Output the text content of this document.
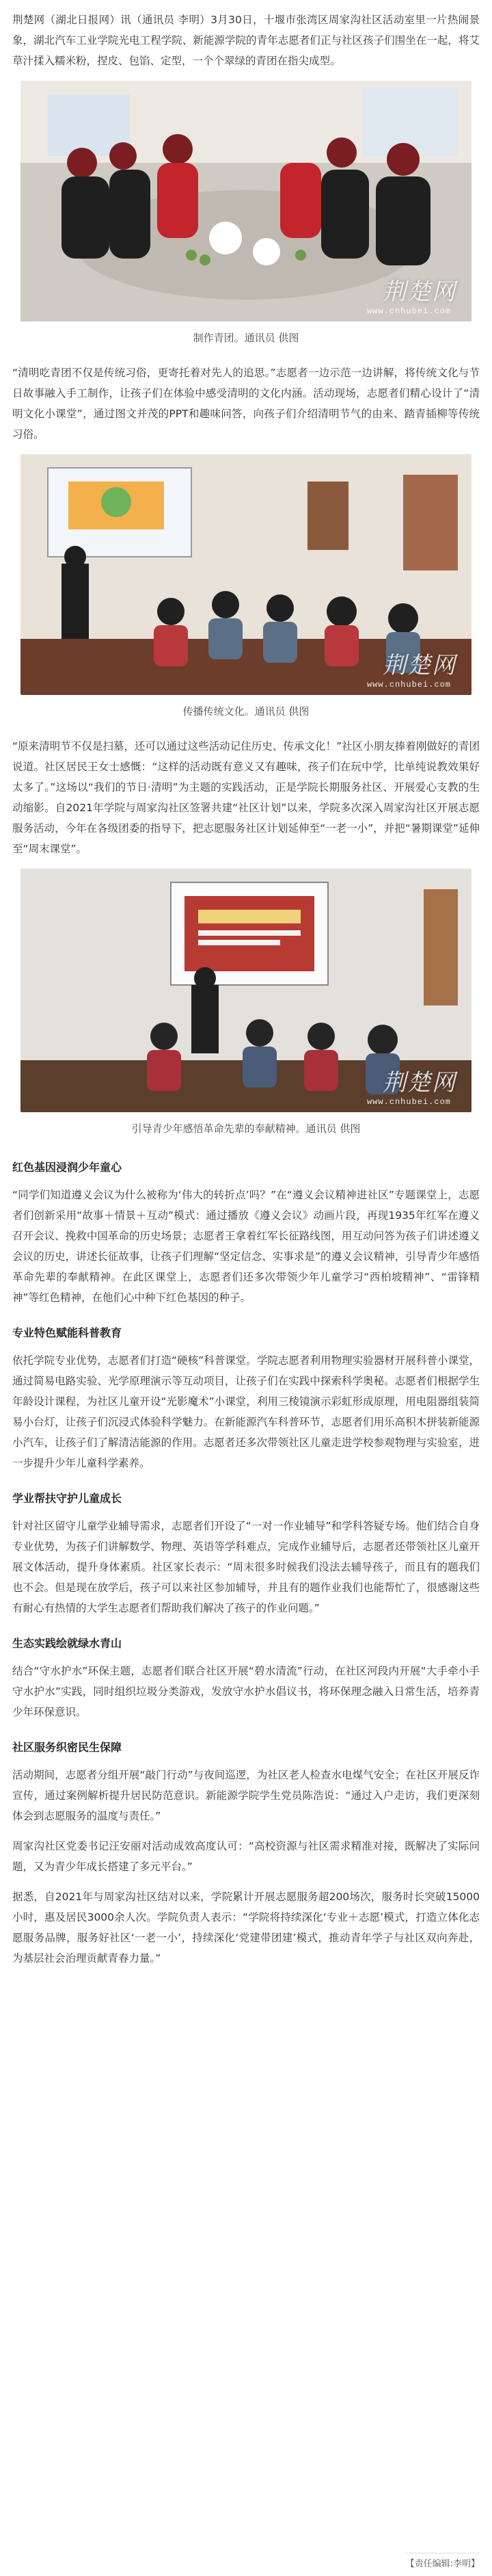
荆楚网（湖北日报网）讯（通讯员 李明）3月30日，十堰市张湾区周家沟社区活动室里一片热闹景象，湖北汽车工业学院光电工程学院、新能源学院的青年志愿者们正与社区孩子们围坐在一起，将艾草汁揉入糯米粉，捏皮、包馅、定型，一个个翠绿的青团在指尖成型。

荆楚网
www.cnhubei.com

制作青团。通讯员 供图

“清明吃青团不仅是传统习俗，更寄托着对先人的追思。”志愿者一边示范一边讲解，将传统文化与节日故事融入手工制作，让孩子们在体验中感受清明的文化内涵。活动现场，志愿者们精心设计了“清明文化小课堂”，通过图文并茂的PPT和趣味问答，向孩子们介绍清明节气的由来、踏青插柳等传统习俗。

荆楚网
www.cnhubei.com

传播传统文化。通讯员 供图

“原来清明节不仅是扫墓，还可以通过这些活动记住历史、传承文化！”社区小朋友捧着刚做好的青团说道。社区居民王女士感慨：“这样的活动既有意义又有趣味，孩子们在玩中学，比单纯说教效果好太多了。”这场以“我们的节日·清明”为主题的实践活动，正是学院长期服务社区、开展爱心支教的生动缩影。自2021年学院与周家沟社区签署共建“社区计划”以来，学院多次深入周家沟社区开展志愿服务活动，今年在各级团委的指导下，把志愿服务社区计划延伸至“一老一小”，并把“暑期课堂”延伸至“周末课堂”。

荆楚网
www.cnhubei.com

引导青少年感悟革命先辈的奉献精神。通讯员 供图

红色基因浸润少年童心

“同学们知道遵义会议为什么被称为‘伟大的转折点’吗？”在“遵义会议精神进社区”专题课堂上，志愿者们创新采用“故事＋情景＋互动”模式：通过播放《遵义会议》动画片段，再现1935年红军在遵义召开会议、挽救中国革命的历史场景；志愿者王拿着红军长征路线图，用互动问答为孩子们讲述遵义会议的历史，讲述长征故事，让孩子们理解“坚定信念、实事求是”的遵义会议精神，引导青少年感悟革命先辈的奉献精神。在此区课堂上，志愿者们还多次带领少年儿童学习“西柏坡精神”、“雷锋精神”等红色精神，在他们心中种下红色基因的种子。

专业特色赋能科普教育

依托学院专业优势，志愿者们打造“硬核”科普课堂。学院志愿者利用物理实验器材开展科普小课堂，通过简易电路实验、光学原理演示等互动项目，让孩子们在实践中探索科学奥秘。志愿者们根据学生年龄设计课程，为社区儿童开设“光影魔术”小课堂，利用三棱镜演示彩虹形成原理，用电阻器组装简易小台灯，让孩子们沉浸式体验科学魅力。在新能源汽车科普环节，志愿者们用乐高积木拼装新能源小汽车，让孩子们了解清洁能源的作用。志愿者还多次带领社区儿童走进学校参观物理与实验室，进一步提升少年儿童科学素养。

学业帮扶守护儿童成长

针对社区留守儿童学业辅导需求，志愿者们开设了“一对一作业辅导”和学科答疑专场。他们结合自身专业优势，为孩子们讲解数学、物理、英语等学科难点，完成作业辅导后，志愿者还带领社区儿童开展文体活动，提升身体素质。社区家长表示：“周末很多时候我们没法去辅导孩子，而且有的题我们也不会。但是现在放学后，孩子可以来社区参加辅导，并且有的题作业我们也能帮忙了，很感谢这些有耐心有热情的大学生志愿者们帮助我们解决了孩子的作业问题。”

生态实践绘就绿水青山

结合“守水护水”环保主题，志愿者们联合社区开展“碧水清流”行动，在社区河段内开展“大手牵小手守水护水”实践，同时组织垃圾分类游戏，发放守水护水倡议书，将环保理念融入日常生活，培养青少年环保意识。

社区服务织密民生保障

活动期间，志愿者分组开展“敲门行动”与夜间巡逻，为社区老人检查水电煤气安全；在社区开展反诈宣传，通过案例解析提升居民防范意识。新能源学院学生党员陈浩说：“通过入户走访，我们更深刻体会到志愿服务的温度与责任。”

周家沟社区党委书记汪安丽对活动成效高度认可：“高校资源与社区需求精准对接，既解决了实际问题，又为青少年成长搭建了多元平台。”

据悉，自2021年与周家沟社区结对以来，学院累计开展志愿服务超200场次，服务时长突破15000小时，惠及居民3000余人次。学院负责人表示：“学院将持续深化‘专业＋志愿’模式，打造立体化志愿服务品牌，服务好社区‘一老一小’，持续深化‘党建带团建’模式，推动青年学子与社区双向奔赴，为基层社会治理贡献青春力量。”

【责任编辑:李明】
